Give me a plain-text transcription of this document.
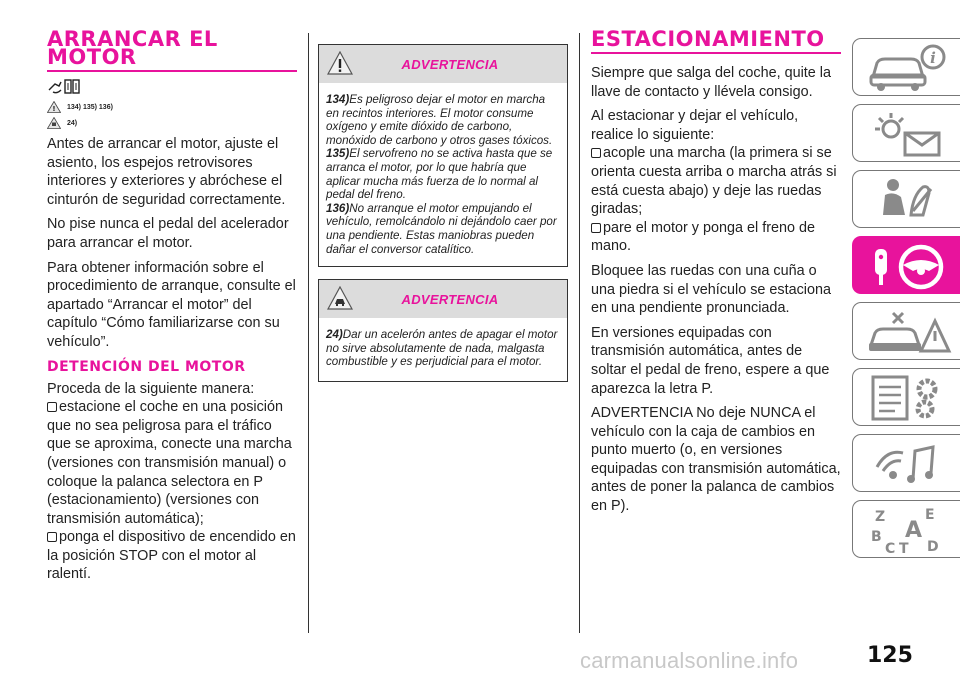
ARRANCAR EL MOTOR
! 134) 135) 136)
24)

Antes de arrancar el motor, ajuste el asiento, los espejos retrovisores interiores y exteriores y abróchese el cinturón de seguridad correctamente.

No pise nunca el pedal del acelerador para arrancar el motor.

Para obtener información sobre el procedimiento de arranque, consulte el apartado “Arrancar el motor” del capítulo “Cómo familiarizarse con su vehículo”.

DETENCIÓN DEL MOTOR

Proceda de la siguiente manera:

estacione el coche en una posición que no sea peligrosa para el tráfico que se aproxima, conecte una marcha (versiones con transmisión manual) o coloque la palanca selectora en P (estacionamiento) (versiones con transmisión automática);

ponga el dispositivo de encendido en la posición STOP con el motor al ralentí.

ADVERTENCIA
134)Es peligroso dejar el motor en marcha en recintos interiores. El motor consume oxígeno y emite dióxido de carbono, monóxido de carbono y otros gases tóxicos.
135)El servofreno no se activa hasta que se arranca el motor, por lo que habría que aplicar mucha más fuerza de lo normal al pedal del freno.
136)No arranque el motor empujando el vehículo, remolcándolo ni dejándolo caer por una pendiente. Estas maniobras pueden dañar el conversor catalítico.
ADVERTENCIA
24)Dar un acelerón antes de apagar el motor no sirve absolutamente de nada, malgasta combustible y es perjudicial para el motor.
ESTACIONAMIENTO

Siempre que salga del coche, quite la llave de contacto y llévela consigo.

Al estacionar y dejar el vehículo, realice lo siguiente:

acople una marcha (la primera si se orienta cuesta arriba o marcha atrás si está cuesta abajo) y deje las ruedas giradas;

pare el motor y ponga el freno de mano.

Bloquee las ruedas con una cuña o una piedra si el vehículo se estaciona en una pendiente pronunciada.

En versiones equipadas con transmisión automática, antes de soltar el pedal de freno, espere a que aparezca la letra P.

ADVERTENCIA No deje NUNCA el vehículo con la caja de cambios en punto muerto (o, en versiones equipadas con transmisión automática, antes de poner la palanca de cambios en P).

i
Z	E
B A
C T D
carmanualsonline.info	125
